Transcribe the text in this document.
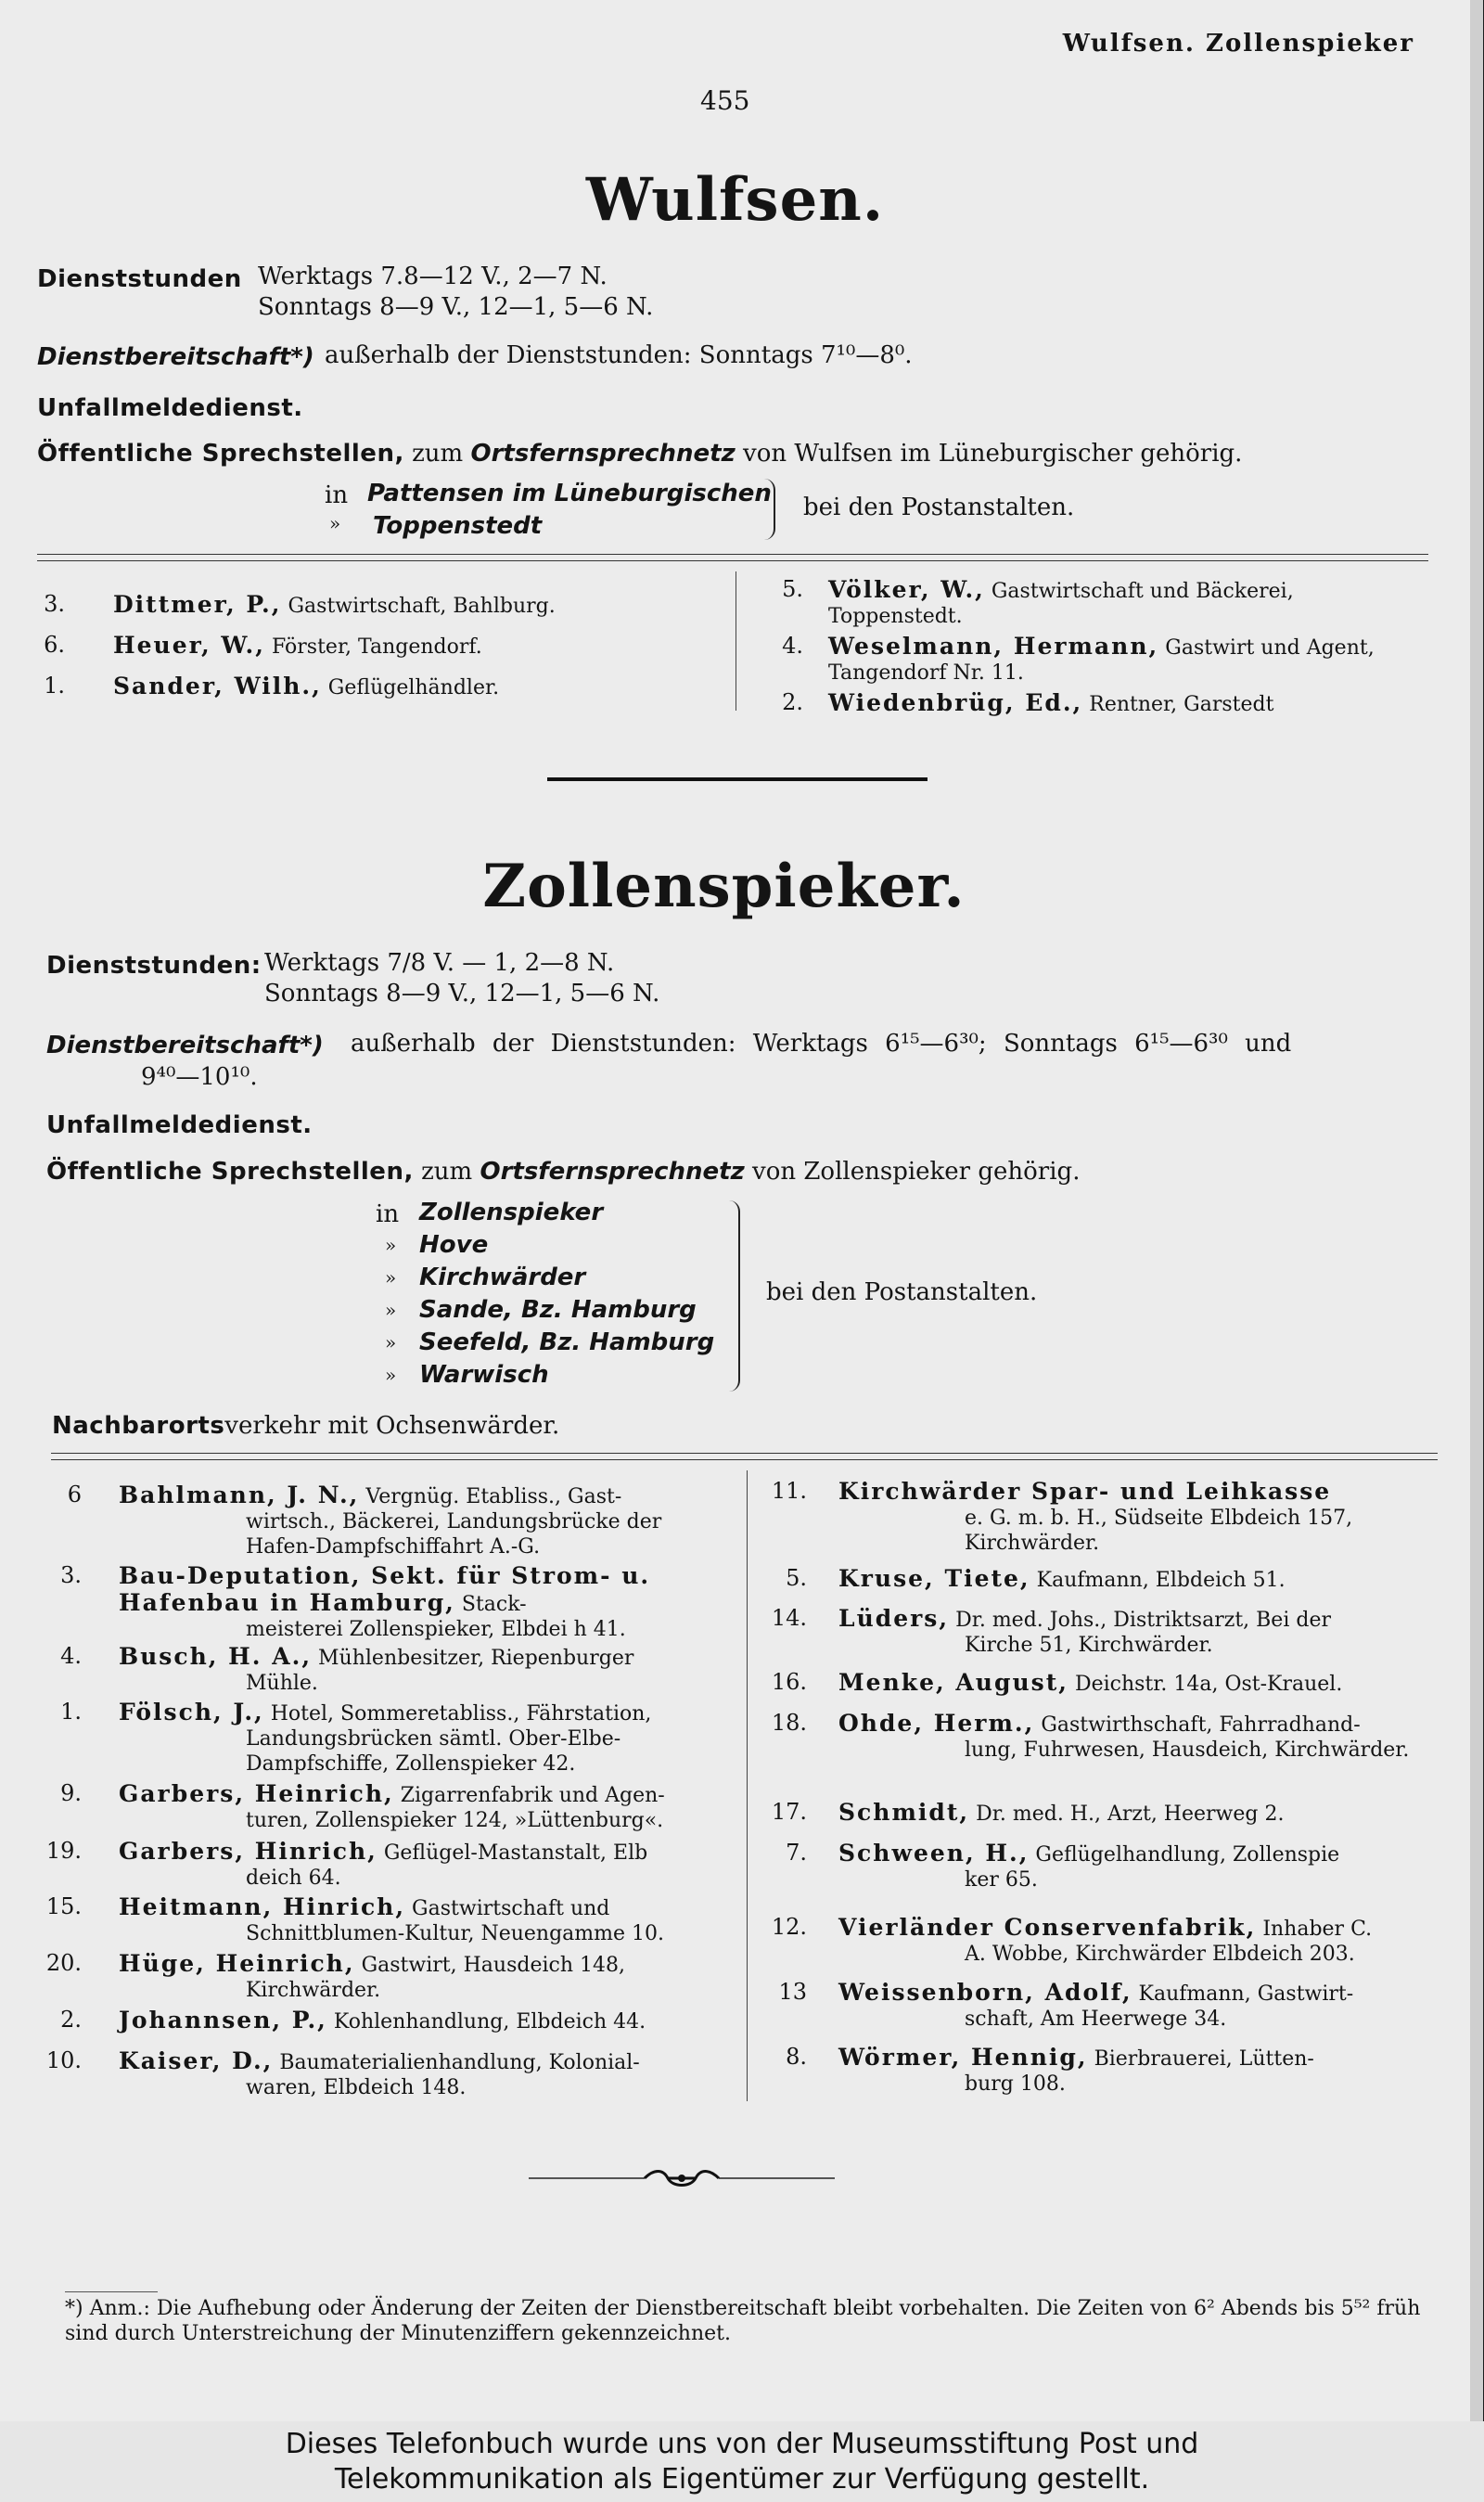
Wulfsen. Zollenspieker
455
Wulfsen.
Dienststunden Werktags 7.8—12 V., 2—7 N.
Sonntags 8—9 V., 12—1, 5—6 N.
Dienstbereitschaft*) außerhalb der Dienststunden: Sonntags 7¹⁰—8⁰.
Unfallmeldedienst.
Öffentliche Sprechstellen, zum Ortsfernsprechnetz von Wulfsen im Lüneburgischer gehörig.
in
»
Pattensen im Lüneburgischen
Toppenstedt
bei den Postanstalten.
3.	Dittmer, P., Gastwirtschaft, Bahlburg.
6.	Heuer, W., Förster, Tangendorf.
1.	Sander, Wilh., Geflügelhändler.
5.	Völker, W., Gastwirtschaft und Bäckerei,
Toppenstedt.
4.	Weselmann, Hermann, Gastwirt und Agent,
Tangendorf Nr. 11.
2.	Wiedenbrüg, Ed., Rentner, Garstedt
Zollenspieker.
Dienststunden: Werktags 7/8 V. — 1, 2—8 N.
Sonntags 8—9 V., 12—1, 5—6 N.
Dienstbereitschaft*) außerhalb der Dienststunden: Werktags 6¹⁵—6³⁰; Sonntags 6¹⁵—6³⁰ und
9⁴⁰—10¹⁰.
Unfallmeldedienst.
Öffentliche Sprechstellen, zum Ortsfernsprechnetz von Zollenspieker gehörig.
in
»
»
»
»
»
Zollenspieker
Hove
Kirchwärder
Sande, Bz. Hamburg
Seefeld, Bz. Hamburg
Warwisch
bei den Postanstalten.
Nachbarortsverkehr mit Ochsenwärder.
6	Bahlmann, J. N., Vergnüg. Etabliss., Gast-
wirtsch., Bäckerei, Landungsbrücke der Hafen-Dampfschiffahrt A.-G.
3.	Bau-Deputation, Sekt. für Strom- u. Hafenbau in Hamburg, Stack-
meisterei Zollenspieker, Elbdei h 41.
4.	Busch, H. A., Mühlenbesitzer, Riepenburger
Mühle.
1.	Fölsch, J., Hotel, Sommeretabliss., Fährstation,
Landungsbrücken sämtl. Ober-Elbe-Dampfschiffe, Zollenspieker 42.
9.	Garbers, Heinrich, Zigarrenfabrik und Agen-
turen, Zollenspieker 124, »Lüttenburg«.
19.	Garbers, Hinrich, Geflügel-Mastanstalt, Elb
deich 64.
15.	Heitmann, Hinrich, Gastwirtschaft und
Schnittblumen-Kultur, Neuengamme 10.
20.	Hüge, Heinrich, Gastwirt, Hausdeich 148,
Kirchwärder.
2.	Johannsen, P., Kohlenhandlung, Elbdeich 44.
10.	Kaiser, D., Baumaterialienhandlung, Kolonial-
waren, Elbdeich 148.
11.	Kirchwärder Spar- und Leihkasse
e. G. m. b. H., Südseite Elbdeich 157, Kirchwärder.
5.	Kruse, Tiete, Kaufmann, Elbdeich 51.
14.	Lüders, Dr. med. Johs., Distriktsarzt, Bei der
Kirche 51, Kirchwärder.
16.	Menke, August, Deichstr. 14a, Ost-Krauel.
18.	Ohde, Herm., Gastwirthschaft, Fahrradhand-
lung, Fuhrwesen, Hausdeich, Kirchwärder.
17.	Schmidt, Dr. med. H., Arzt, Heerweg 2.
7.	Schween, H., Geflügelhandlung, Zollenspie
ker 65.
12.	Vierländer Conservenfabrik, Inhaber C.
A. Wobbe, Kirchwärder Elbdeich 203.
13	Weissenborn, Adolf, Kaufmann, Gastwirt-
schaft, Am Heerwege 34.
8.	Wörmer, Hennig, Bierbrauerei, Lütten-
burg 108.
*) Anm.: Die Aufhebung oder Änderung der Zeiten der Dienstbereitschaft bleibt vorbehalten. Die Zeiten von 6² Abends bis 5⁵² früh sind durch Unterstreichung der Minutenziffern gekennzeichnet.
Dieses Telefonbuch wurde uns von der Museumsstiftung Post und
Telekommunikation als Eigentümer zur Verfügung gestellt.
